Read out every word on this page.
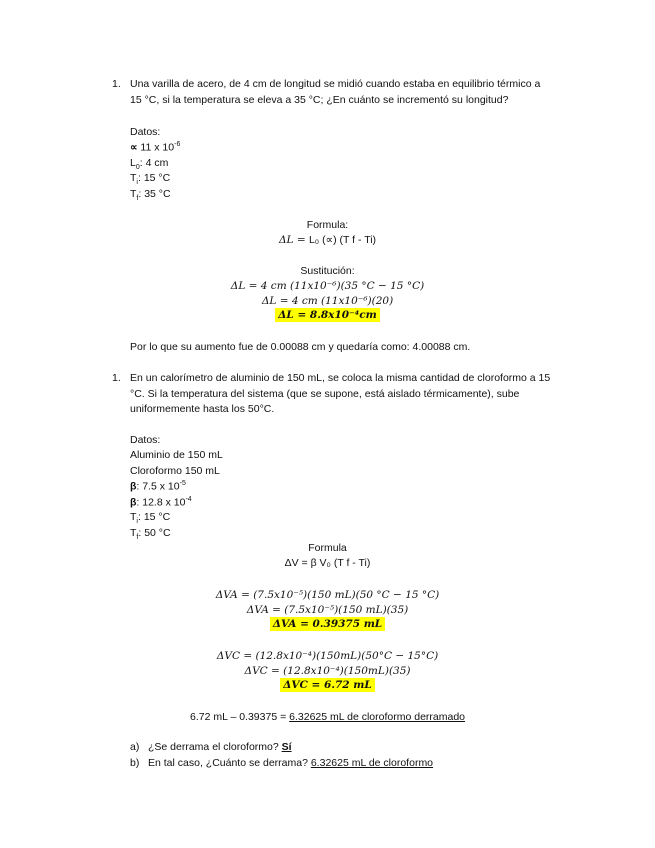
1. Una varilla de acero, de 4 cm de longitud se midió cuando estaba en equilibrio térmico a
15 °C, si la temperatura se eleva a 35 °C; ¿En cuánto se incrementó su longitud?
Datos:
∝ 11 x $10^{-6}$
$L_0$: 4 cm
$T_i$: 15 °C
$T_f$: 35 °C
Formula:
ΔL = L₀ (∝) (T f - Ti)
Sustitución:
ΔL = 4 cm (11x10⁻⁶)(35 °C − 15 °C)
ΔL = 4 cm (11x10⁻⁶)(20)
ΔL = 8.8x10⁻⁴cm
Por lo que su aumento fue de 0.00088 cm y quedaría como: 4.00088 cm.
1. En un calorímetro de aluminio de 150 mL, se coloca la misma cantidad de cloroformo a 15
°C. Si la temperatura del sistema (que se supone, está aislado térmicamente), sube
uniformemente hasta los 50°C.
Datos:
Aluminio de 150 mL
Cloroformo 150 mL
β: 7.5 x $10^{-5}$
β: 12.8 x $10^{-4}$
$T_i$: 15 °C
$T_f$: 50 °C
Formula
ΔV = β V₀ (T f - Ti)
ΔVA = (7.5x10⁻⁵)(150 mL)(50 °C − 15 °C)
ΔVA = (7.5x10⁻⁵)(150 mL)(35)
ΔVA = 0.39375 mL
ΔVC = (12.8x10⁻⁴)(150mL)(50°C − 15°C)
ΔVC = (12.8x10⁻⁴)(150mL)(35)
ΔVC = 6.72 mL
6.72 mL – 0.39375 = 6.32625 mL de cloroformo derramado
a) ¿Se derrama el cloroformo? Sí
b) En tal caso, ¿Cuánto se derrama? 6.32625 mL de cloroformo
